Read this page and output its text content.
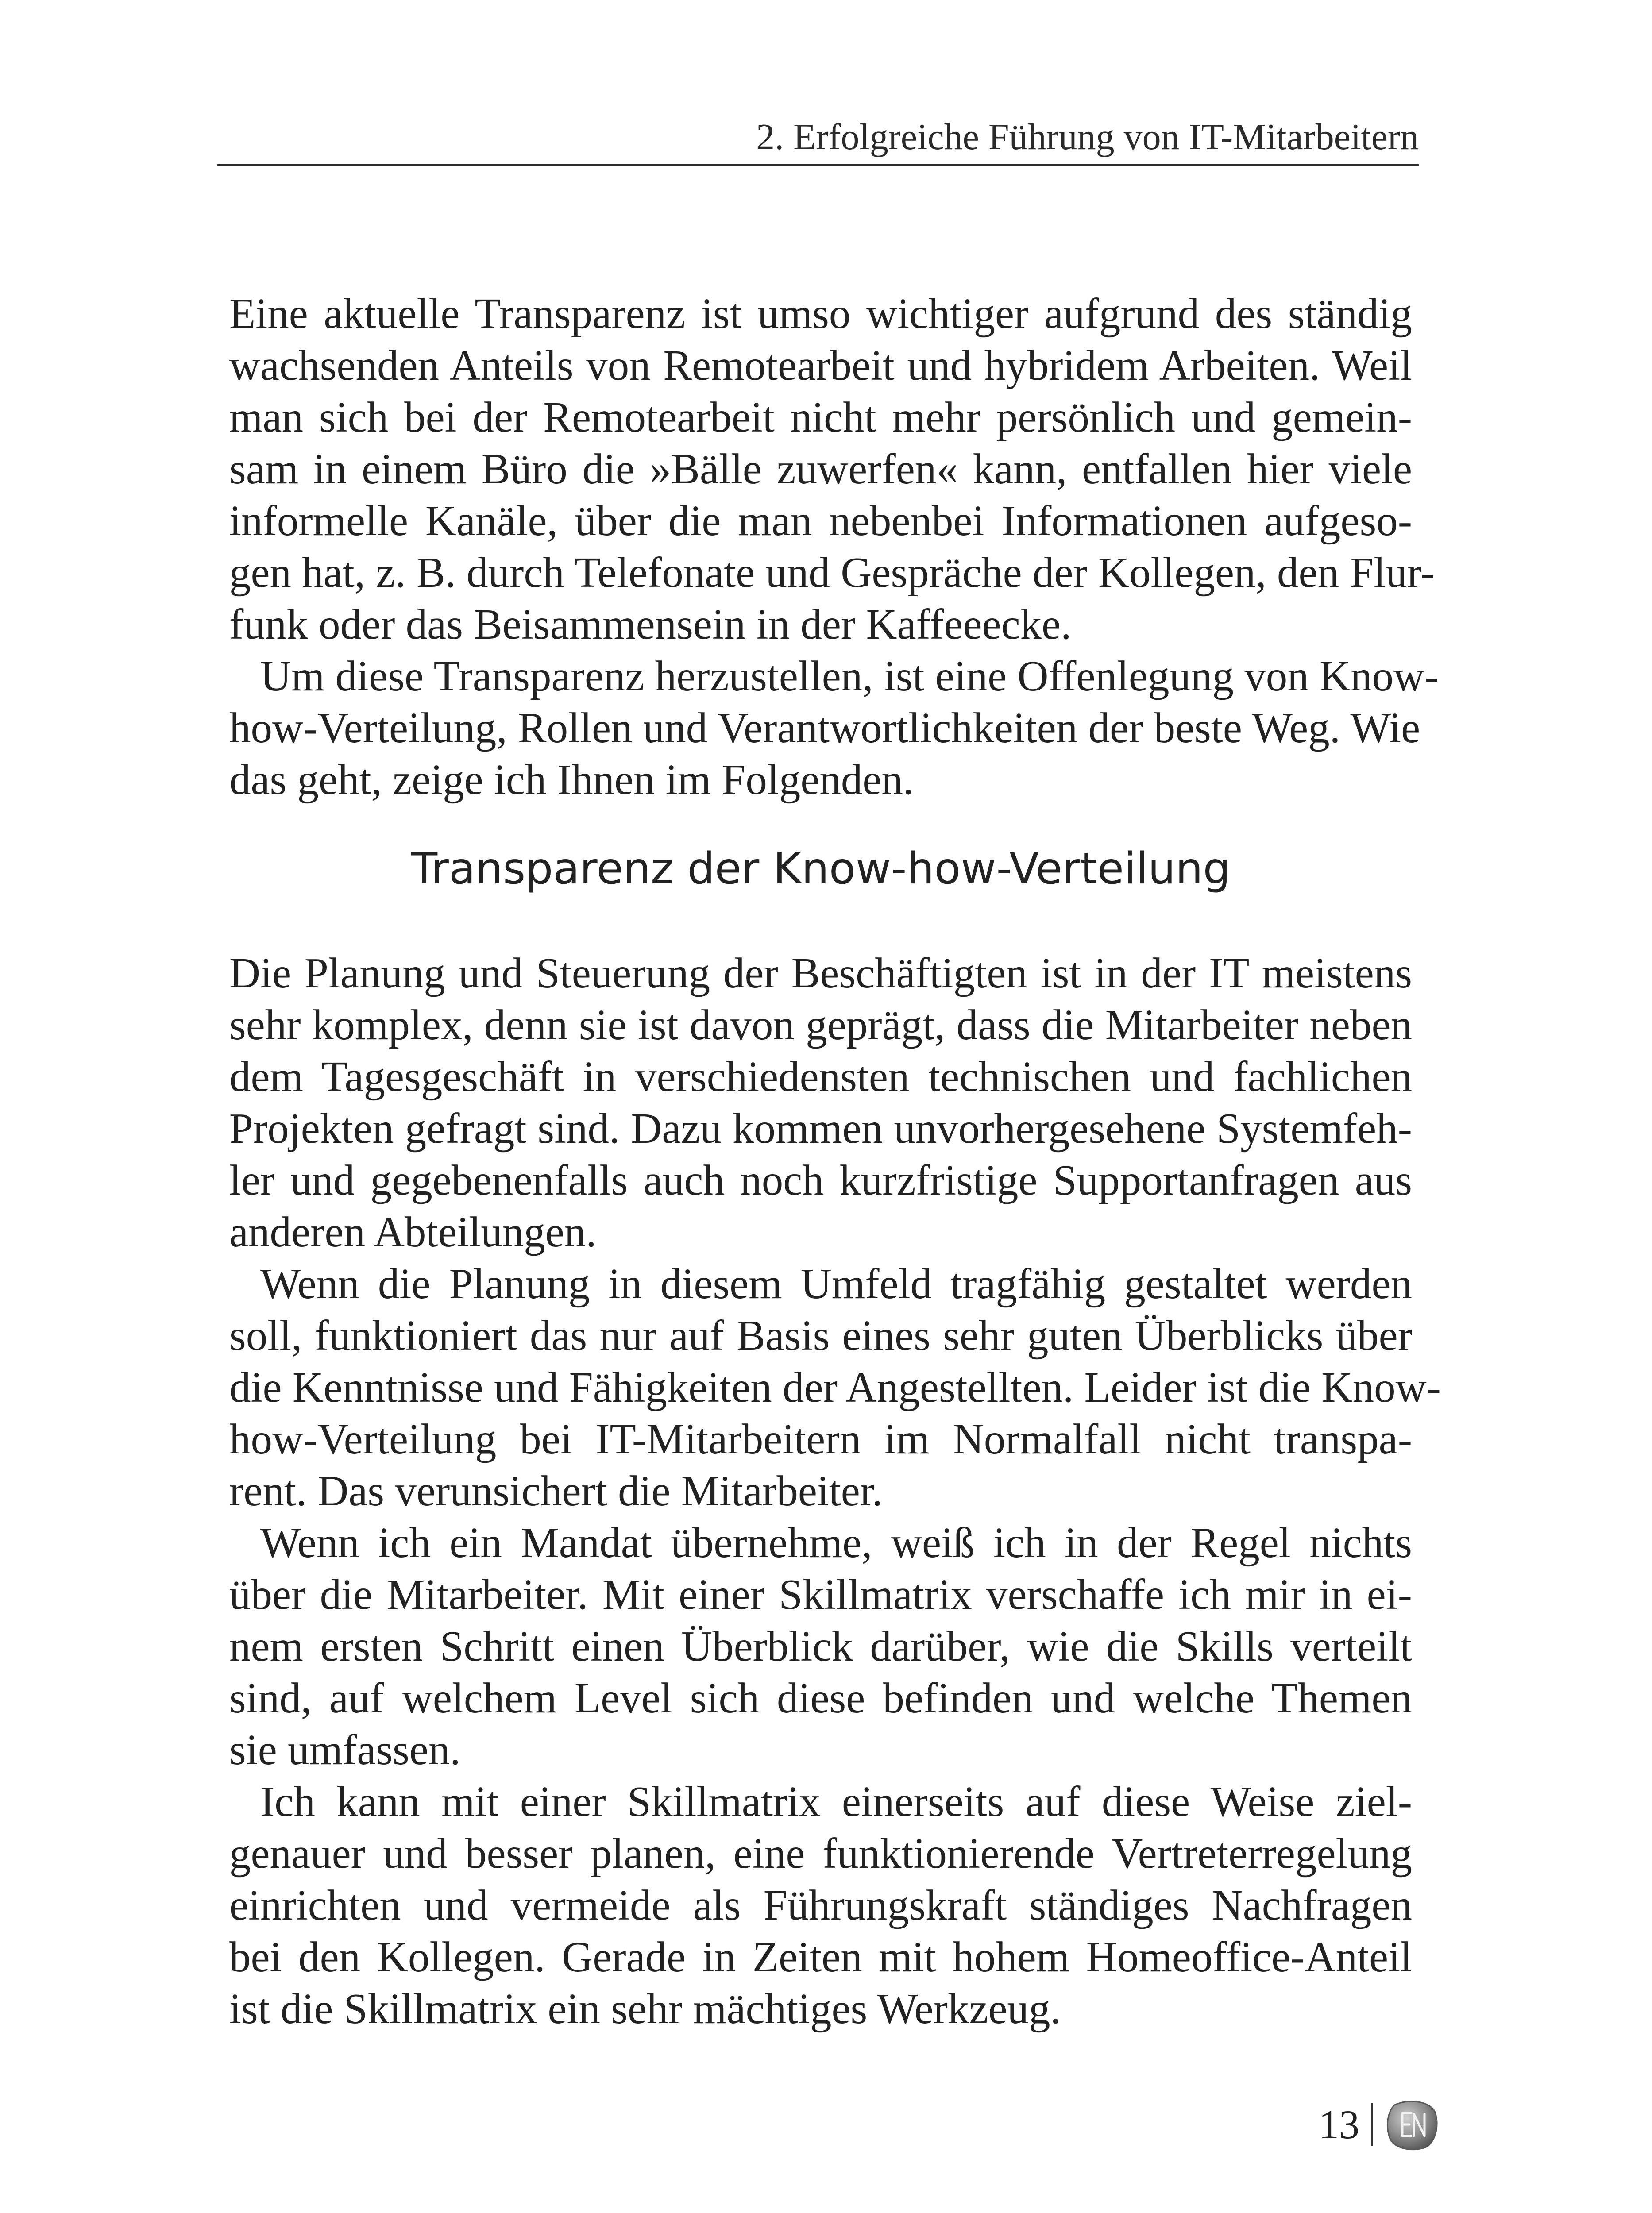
2. Erfolgreiche Führung von IT-Mitarbeitern

Eine aktuelle Transparenz ist umso wichtiger aufgrund des ständig
wachsenden Anteils von Remotearbeit und hybridem Arbeiten. Weil
man sich bei der Remotearbeit nicht mehr persönlich und gemein-
sam in einem Büro die »Bälle zuwerfen« kann, entfallen hier viele
informelle Kanäle, über die man nebenbei Informationen aufgeso-
gen hat, z. B. durch Telefonate und Gespräche der Kollegen, den Flur-
funk oder das Beisammensein in der Kaffeeecke.

Um diese Transparenz herzustellen, ist eine Offenlegung von Know-
how-Verteilung, Rollen und Verantwortlichkeiten der beste Weg. Wie
das geht, zeige ich Ihnen im Folgenden.

Transparenz der Know-how-Verteilung

Die Planung und Steuerung der Beschäftigten ist in der IT meistens
sehr komplex, denn sie ist davon geprägt, dass die Mitarbeiter neben
dem Tagesgeschäft in verschiedensten technischen und fachlichen
Projekten gefragt sind. Dazu kommen unvorhergesehene Systemfeh-
ler und gegebenenfalls auch noch kurzfristige Supportanfragen aus
anderen Abteilungen.

Wenn die Planung in diesem Umfeld tragfähig gestaltet werden
soll, funktioniert das nur auf Basis eines sehr guten Überblicks über
die Kenntnisse und Fähigkeiten der Angestellten. Leider ist die Know-
how-Verteilung bei IT-Mitarbeitern im Normalfall nicht transpa-
rent. Das verunsichert die Mitarbeiter.

Wenn ich ein Mandat übernehme, weiß ich in der Regel nichts
über die Mitarbeiter. Mit einer Skillmatrix verschaffe ich mir in ei-
nem ersten Schritt einen Überblick darüber, wie die Skills verteilt
sind, auf welchem Level sich diese befinden und welche Themen
sie umfassen.

Ich kann mit einer Skillmatrix einerseits auf diese Weise ziel-
genauer und besser planen, eine funktionierende Vertreterregelung
einrichten und vermeide als Führungskraft ständiges Nachfragen
bei den Kollegen. Gerade in Zeiten mit hohem Homeoffice-Anteil
ist die Skillmatrix ein sehr mächtiges Werkzeug.

13
